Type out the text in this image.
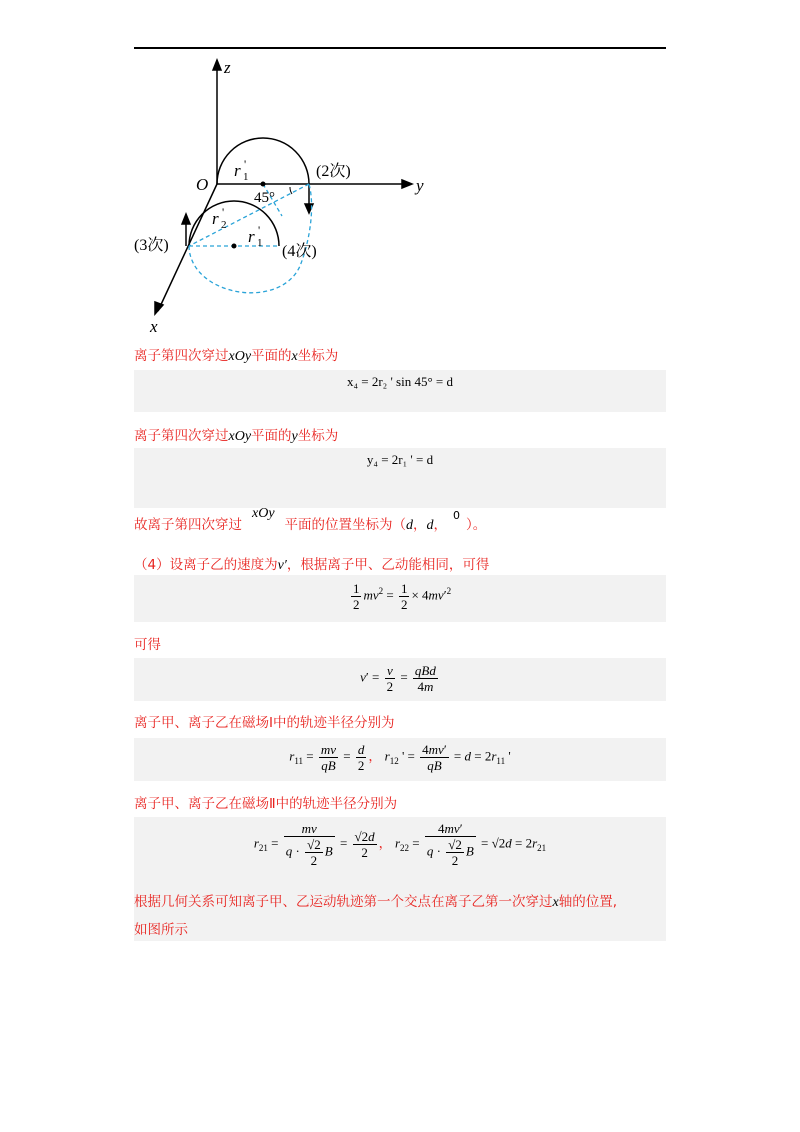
z
y
x
O
r 1
'
45°
(2次)
r 2
'
(3次)	r 1
'
(4次)
离子第四次穿过xOy平面的x坐标为
x₄ = 2r₂ ' sin 45° = d
离子第四次穿过xOy平面的y坐标为
y₄ = 2r₁ ' = d
故离子第四次穿过xOy平面的位置坐标为（d，d，$^0$）。
（4）设离子乙的速度为v′，根据离子甲、乙动能相同，可得
$\frac{1}{2} mv^2 = \frac{1}{2} \times 4mv'^2$
可得
$v' = \frac{v}{2} = \frac{\text{qBd}}{4m}$
离子甲、离子乙在磁场Ⅰ中的轨迹半径分别为
$r_{11} = \frac{mv}{qB} = \frac{d}{2}$ ， $r_{12}$ ' = $\frac{4mv'}{qB} = d = 2r_{11}$ '
离子甲、离子乙在磁场Ⅱ中的轨迹半径分别为
$r_{21} = \frac{mv}{q \cdot \frac{√2}{2} B} = \frac{√2d}{2}$ ， $r_{22} = \frac{4mv'}{q \cdot \frac{√2}{2} B} = √2d = 2r_{21}$
根据几何关系可知离子甲、乙运动轨迹第一个交点在离子乙第一次穿过x轴的位置,
如图所示
